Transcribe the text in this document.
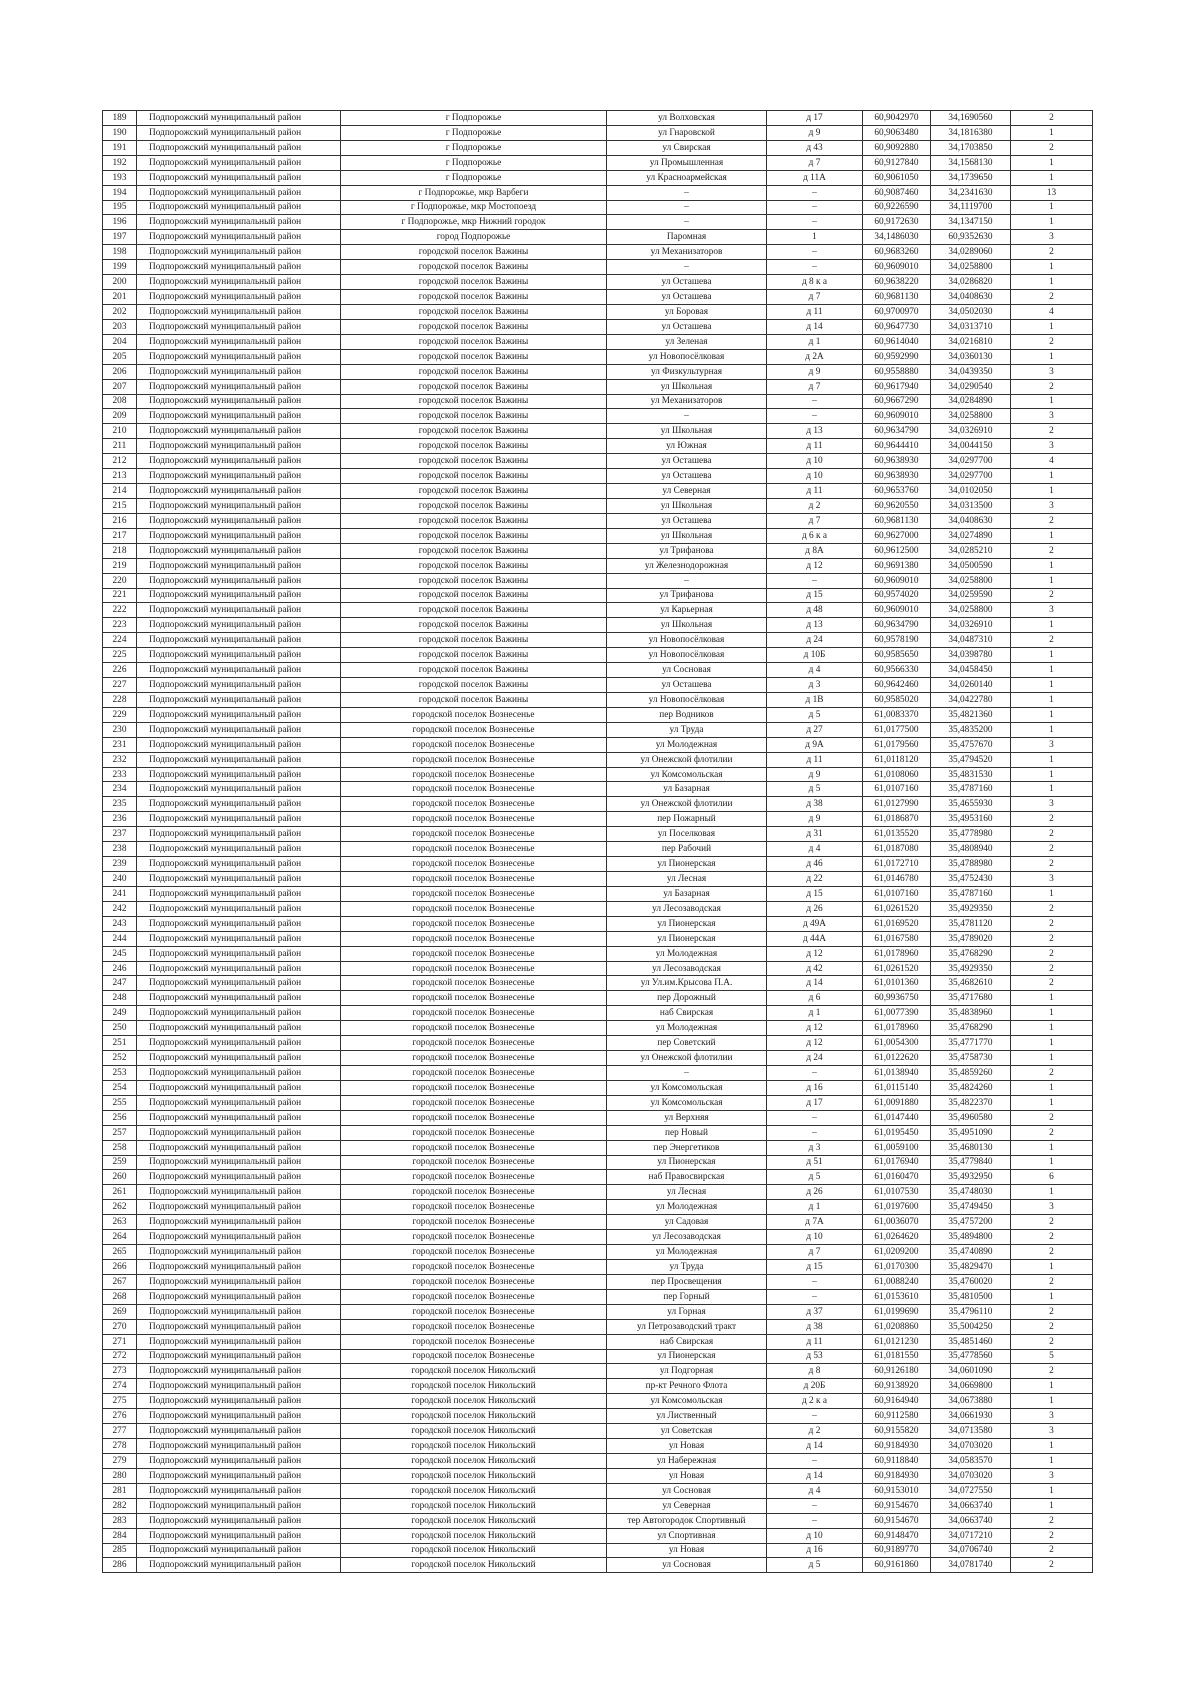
189	Подпорожский муниципальный район	г Подпорожье	ул Волховская	д 17	60,9042970	34,1690560	2
190	Подпорожский муниципальный район	г Подпорожье	ул Гнаровской	д 9	60,9063480	34,1816380	1
191	Подпорожский муниципальный район	г Подпорожье	ул Свирская	д 43	60,9092880	34,1703850	2
192	Подпорожский муниципальный район	г Подпорожье	ул Промышленная	д 7	60,9127840	34,1568130	1
193	Подпорожский муниципальный район	г Подпорожье	ул Красноармейская	д 11А	60,9061050	34,1739650	1
194	Подпорожский муниципальный район	г Подпорожье, мкр Варбеги	–	–	60,9087460	34,2341630	13
195	Подпорожский муниципальный район	г Подпорожье, мкр Мостопоезд	–	–	60,9226590	34,1119700	1
196	Подпорожский муниципальный район	г Подпорожье, мкр Нижний городок	–	–	60,9172630	34,1347150	1
197	Подпорожский муниципальный район	город Подпорожье	Паромная	1	34,1486030	60,9352630	3
198	Подпорожский муниципальный район	городской поселок Важины	ул Механизаторов	–	60,9683260	34,0289060	2
199	Подпорожский муниципальный район	городской поселок Важины	–	–	60,9609010	34,0258800	1
200	Подпорожский муниципальный район	городской поселок Важины	ул Осташева	д 8 к а	60,9638220	34,0286820	1
201	Подпорожский муниципальный район	городской поселок Важины	ул Осташева	д 7	60,9681130	34,0408630	2
202	Подпорожский муниципальный район	городской поселок Важины	ул Боровая	д 11	60,9700970	34,0502030	4
203	Подпорожский муниципальный район	городской поселок Важины	ул Осташева	д 14	60,9647730	34,0313710	1
204	Подпорожский муниципальный район	городской поселок Важины	ул Зеленая	д 1	60,9614040	34,0216810	2
205	Подпорожский муниципальный район	городской поселок Важины	ул Новопосёлковая	д 2А	60,9592990	34,0360130	1
206	Подпорожский муниципальный район	городской поселок Важины	ул Физкультурная	д 9	60,9558880	34,0439350	3
207	Подпорожский муниципальный район	городской поселок Важины	ул Школьная	д 7	60,9617940	34,0290540	2
208	Подпорожский муниципальный район	городской поселок Важины	ул Механизаторов	–	60,9667290	34,0284890	1
209	Подпорожский муниципальный район	городской поселок Важины	–	–	60,9609010	34,0258800	3
210	Подпорожский муниципальный район	городской поселок Важины	ул Школьная	д 13	60,9634790	34,0326910	2
211	Подпорожский муниципальный район	городской поселок Важины	ул Южная	д 11	60,9644410	34,0044150	3
212	Подпорожский муниципальный район	городской поселок Важины	ул Осташева	д 10	60,9638930	34,0297700	4
213	Подпорожский муниципальный район	городской поселок Важины	ул Осташева	д 10	60,9638930	34,0297700	1
214	Подпорожский муниципальный район	городской поселок Важины	ул Северная	д 11	60,9653760	34,0102050	1
215	Подпорожский муниципальный район	городской поселок Важины	ул Школьная	д 2	60,9620550	34,0313500	3
216	Подпорожский муниципальный район	городской поселок Важины	ул Осташева	д 7	60,9681130	34,0408630	2
217	Подпорожский муниципальный район	городской поселок Важины	ул Школьная	д 6 к а	60,9627000	34,0274890	1
218	Подпорожский муниципальный район	городской поселок Важины	ул Трифанова	д 8А	60,9612500	34,0285210	2
219	Подпорожский муниципальный район	городской поселок Важины	ул Железнодорожная	д 12	60,9691380	34,0500590	1
220	Подпорожский муниципальный район	городской поселок Важины	–	–	60,9609010	34,0258800	1
221	Подпорожский муниципальный район	городской поселок Важины	ул Трифанова	д 15	60,9574020	34,0259590	2
222	Подпорожский муниципальный район	городской поселок Важины	ул Карьерная	д 48	60,9609010	34,0258800	3
223	Подпорожский муниципальный район	городской поселок Важины	ул Школьная	д 13	60,9634790	34,0326910	1
224	Подпорожский муниципальный район	городской поселок Важины	ул Новопосёлковая	д 24	60,9578190	34,0487310	2
225	Подпорожский муниципальный район	городской поселок Важины	ул Новопосёлковая	д 10Б	60,9585650	34,0398780	1
226	Подпорожский муниципальный район	городской поселок Важины	ул Сосновая	д 4	60,9566330	34,0458450	1
227	Подпорожский муниципальный район	городской поселок Важины	ул Осташева	д 3	60,9642460	34,0260140	1
228	Подпорожский муниципальный район	городской поселок Важины	ул Новопосёлковая	д 1В	60,9585020	34,0422780	1
229	Подпорожский муниципальный район	городской поселок Вознесенье	пер Водников	д 5	61,0083370	35,4821360	1
230	Подпорожский муниципальный район	городской поселок Вознесенье	ул Труда	д 27	61,0177500	35,4835200	1
231	Подпорожский муниципальный район	городской поселок Вознесенье	ул Молодежная	д 9А	61,0179560	35,4757670	3
232	Подпорожский муниципальный район	городской поселок Вознесенье	ул Онежской флотилии	д 11	61,0118120	35,4794520	1
233	Подпорожский муниципальный район	городской поселок Вознесенье	ул Комсомольская	д 9	61,0108060	35,4831530	1
234	Подпорожский муниципальный район	городской поселок Вознесенье	ул Базарная	д 5	61,0107160	35,4787160	1
235	Подпорожский муниципальный район	городской поселок Вознесенье	ул Онежской флотилии	д 38	61,0127990	35,4655930	3
236	Подпорожский муниципальный район	городской поселок Вознесенье	пер Пожарный	д 9	61,0186870	35,4953160	2
237	Подпорожский муниципальный район	городской поселок Вознесенье	ул Поселковая	д 31	61,0135520	35,4778980	2
238	Подпорожский муниципальный район	городской поселок Вознесенье	пер Рабочий	д 4	61,0187080	35,4808940	2
239	Подпорожский муниципальный район	городской поселок Вознесенье	ул Пионерская	д 46	61,0172710	35,4788980	2
240	Подпорожский муниципальный район	городской поселок Вознесенье	ул Лесная	д 22	61,0146780	35,4752430	3
241	Подпорожский муниципальный район	городской поселок Вознесенье	ул Базарная	д 15	61,0107160	35,4787160	1
242	Подпорожский муниципальный район	городской поселок Вознесенье	ул Лесозаводская	д 26	61,0261520	35,4929350	2
243	Подпорожский муниципальный район	городской поселок Вознесенье	ул Пионерская	д 49А	61,0169520	35,4781120	2
244	Подпорожский муниципальный район	городской поселок Вознесенье	ул Пионерская	д 44А	61,0167580	35,4789020	2
245	Подпорожский муниципальный район	городской поселок Вознесенье	ул Молодежная	д 12	61,0178960	35,4768290	2
246	Подпорожский муниципальный район	городской поселок Вознесенье	ул Лесозаводская	д 42	61,0261520	35,4929350	2
247	Подпорожский муниципальный район	городской поселок Вознесенье	ул Ул.им.Крысова П.А.	д 14	61,0101360	35,4682610	2
248	Подпорожский муниципальный район	городской поселок Вознесенье	пер Дорожный	д 6	60,9936750	35,4717680	1
249	Подпорожский муниципальный район	городской поселок Вознесенье	наб Свирская	д 1	61,0077390	35,4838960	1
250	Подпорожский муниципальный район	городской поселок Вознесенье	ул Молодежная	д 12	61,0178960	35,4768290	1
251	Подпорожский муниципальный район	городской поселок Вознесенье	пер Советский	д 12	61,0054300	35,4771770	1
252	Подпорожский муниципальный район	городской поселок Вознесенье	ул Онежской флотилии	д 24	61,0122620	35,4758730	1
253	Подпорожский муниципальный район	городской поселок Вознесенье	–	–	61,0138940	35,4859260	2
254	Подпорожский муниципальный район	городской поселок Вознесенье	ул Комсомольская	д 16	61,0115140	35,4824260	1
255	Подпорожский муниципальный район	городской поселок Вознесенье	ул Комсомольская	д 17	61,0091880	35,4822370	1
256	Подпорожский муниципальный район	городской поселок Вознесенье	ул Верхняя	–	61,0147440	35,4960580	2
257	Подпорожский муниципальный район	городской поселок Вознесенье	пер Новый	–	61,0195450	35,4951090	2
258	Подпорожский муниципальный район	городской поселок Вознесенье	пер Энергетиков	д 3	61,0059100	35,4680130	1
259	Подпорожский муниципальный район	городской поселок Вознесенье	ул Пионерская	д 51	61,0176940	35,4779840	1
260	Подпорожский муниципальный район	городской поселок Вознесенье	наб Правосвирская	д 5	61,0160470	35,4932950	6
261	Подпорожский муниципальный район	городской поселок Вознесенье	ул Лесная	д 26	61,0107530	35,4748030	1
262	Подпорожский муниципальный район	городской поселок Вознесенье	ул Молодежная	д 1	61,0197600	35,4749450	3
263	Подпорожский муниципальный район	городской поселок Вознесенье	ул Садовая	д 7А	61,0036070	35,4757200	2
264	Подпорожский муниципальный район	городской поселок Вознесенье	ул Лесозаводская	д 10	61,0264620	35,4894800	2
265	Подпорожский муниципальный район	городской поселок Вознесенье	ул Молодежная	д 7	61,0209200	35,4740890	2
266	Подпорожский муниципальный район	городской поселок Вознесенье	ул Труда	д 15	61,0170300	35,4829470	1
267	Подпорожский муниципальный район	городской поселок Вознесенье	пер Просвещения	–	61,0088240	35,4760020	2
268	Подпорожский муниципальный район	городской поселок Вознесенье	пер Горный	–	61,0153610	35,4810500	1
269	Подпорожский муниципальный район	городской поселок Вознесенье	ул Горная	д 37	61,0199690	35,4796110	2
270	Подпорожский муниципальный район	городской поселок Вознесенье	ул Петрозаводский тракт	д 38	61,0208860	35,5004250	2
271	Подпорожский муниципальный район	городской поселок Вознесенье	наб Свирская	д 11	61,0121230	35,4851460	2
272	Подпорожский муниципальный район	городской поселок Вознесенье	ул Пионерская	д 53	61,0181550	35,4778560	5
273	Подпорожский муниципальный район	городской поселок Никольский	ул Подгорная	д 8	60,9126180	34,0601090	2
274	Подпорожский муниципальный район	городской поселок Никольский	пр-кт Речного Флота	д 20Б	60,9138920	34,0669800	1
275	Подпорожский муниципальный район	городской поселок Никольский	ул Комсомольская	д 2 к а	60,9164940	34,0673880	1
276	Подпорожский муниципальный район	городской поселок Никольский	ул Лиственный	–	60,9112580	34,0661930	3
277	Подпорожский муниципальный район	городской поселок Никольский	ул Советская	д 2	60,9155820	34,0713580	3
278	Подпорожский муниципальный район	городской поселок Никольский	ул Новая	д 14	60,9184930	34,0703020	1
279	Подпорожский муниципальный район	городской поселок Никольский	ул Набережная	–	60,9118840	34,0583570	1
280	Подпорожский муниципальный район	городской поселок Никольский	ул Новая	д 14	60,9184930	34,0703020	3
281	Подпорожский муниципальный район	городской поселок Никольский	ул Сосновая	д 4	60,9153010	34,0727550	1
282	Подпорожский муниципальный район	городской поселок Никольский	ул Северная	–	60,9154670	34,0663740	1
283	Подпорожский муниципальный район	городской поселок Никольский	тер Автогородок Спортивный	–	60,9154670	34,0663740	2
284	Подпорожский муниципальный район	городской поселок Никольский	ул Спортивная	д 10	60,9148470	34,0717210	2
285	Подпорожский муниципальный район	городской поселок Никольский	ул Новая	д 16	60,9189770	34,0706740	2
286	Подпорожский муниципальный район	городской поселок Никольский	ул Сосновая	д 5	60,9161860	34,0781740	2
